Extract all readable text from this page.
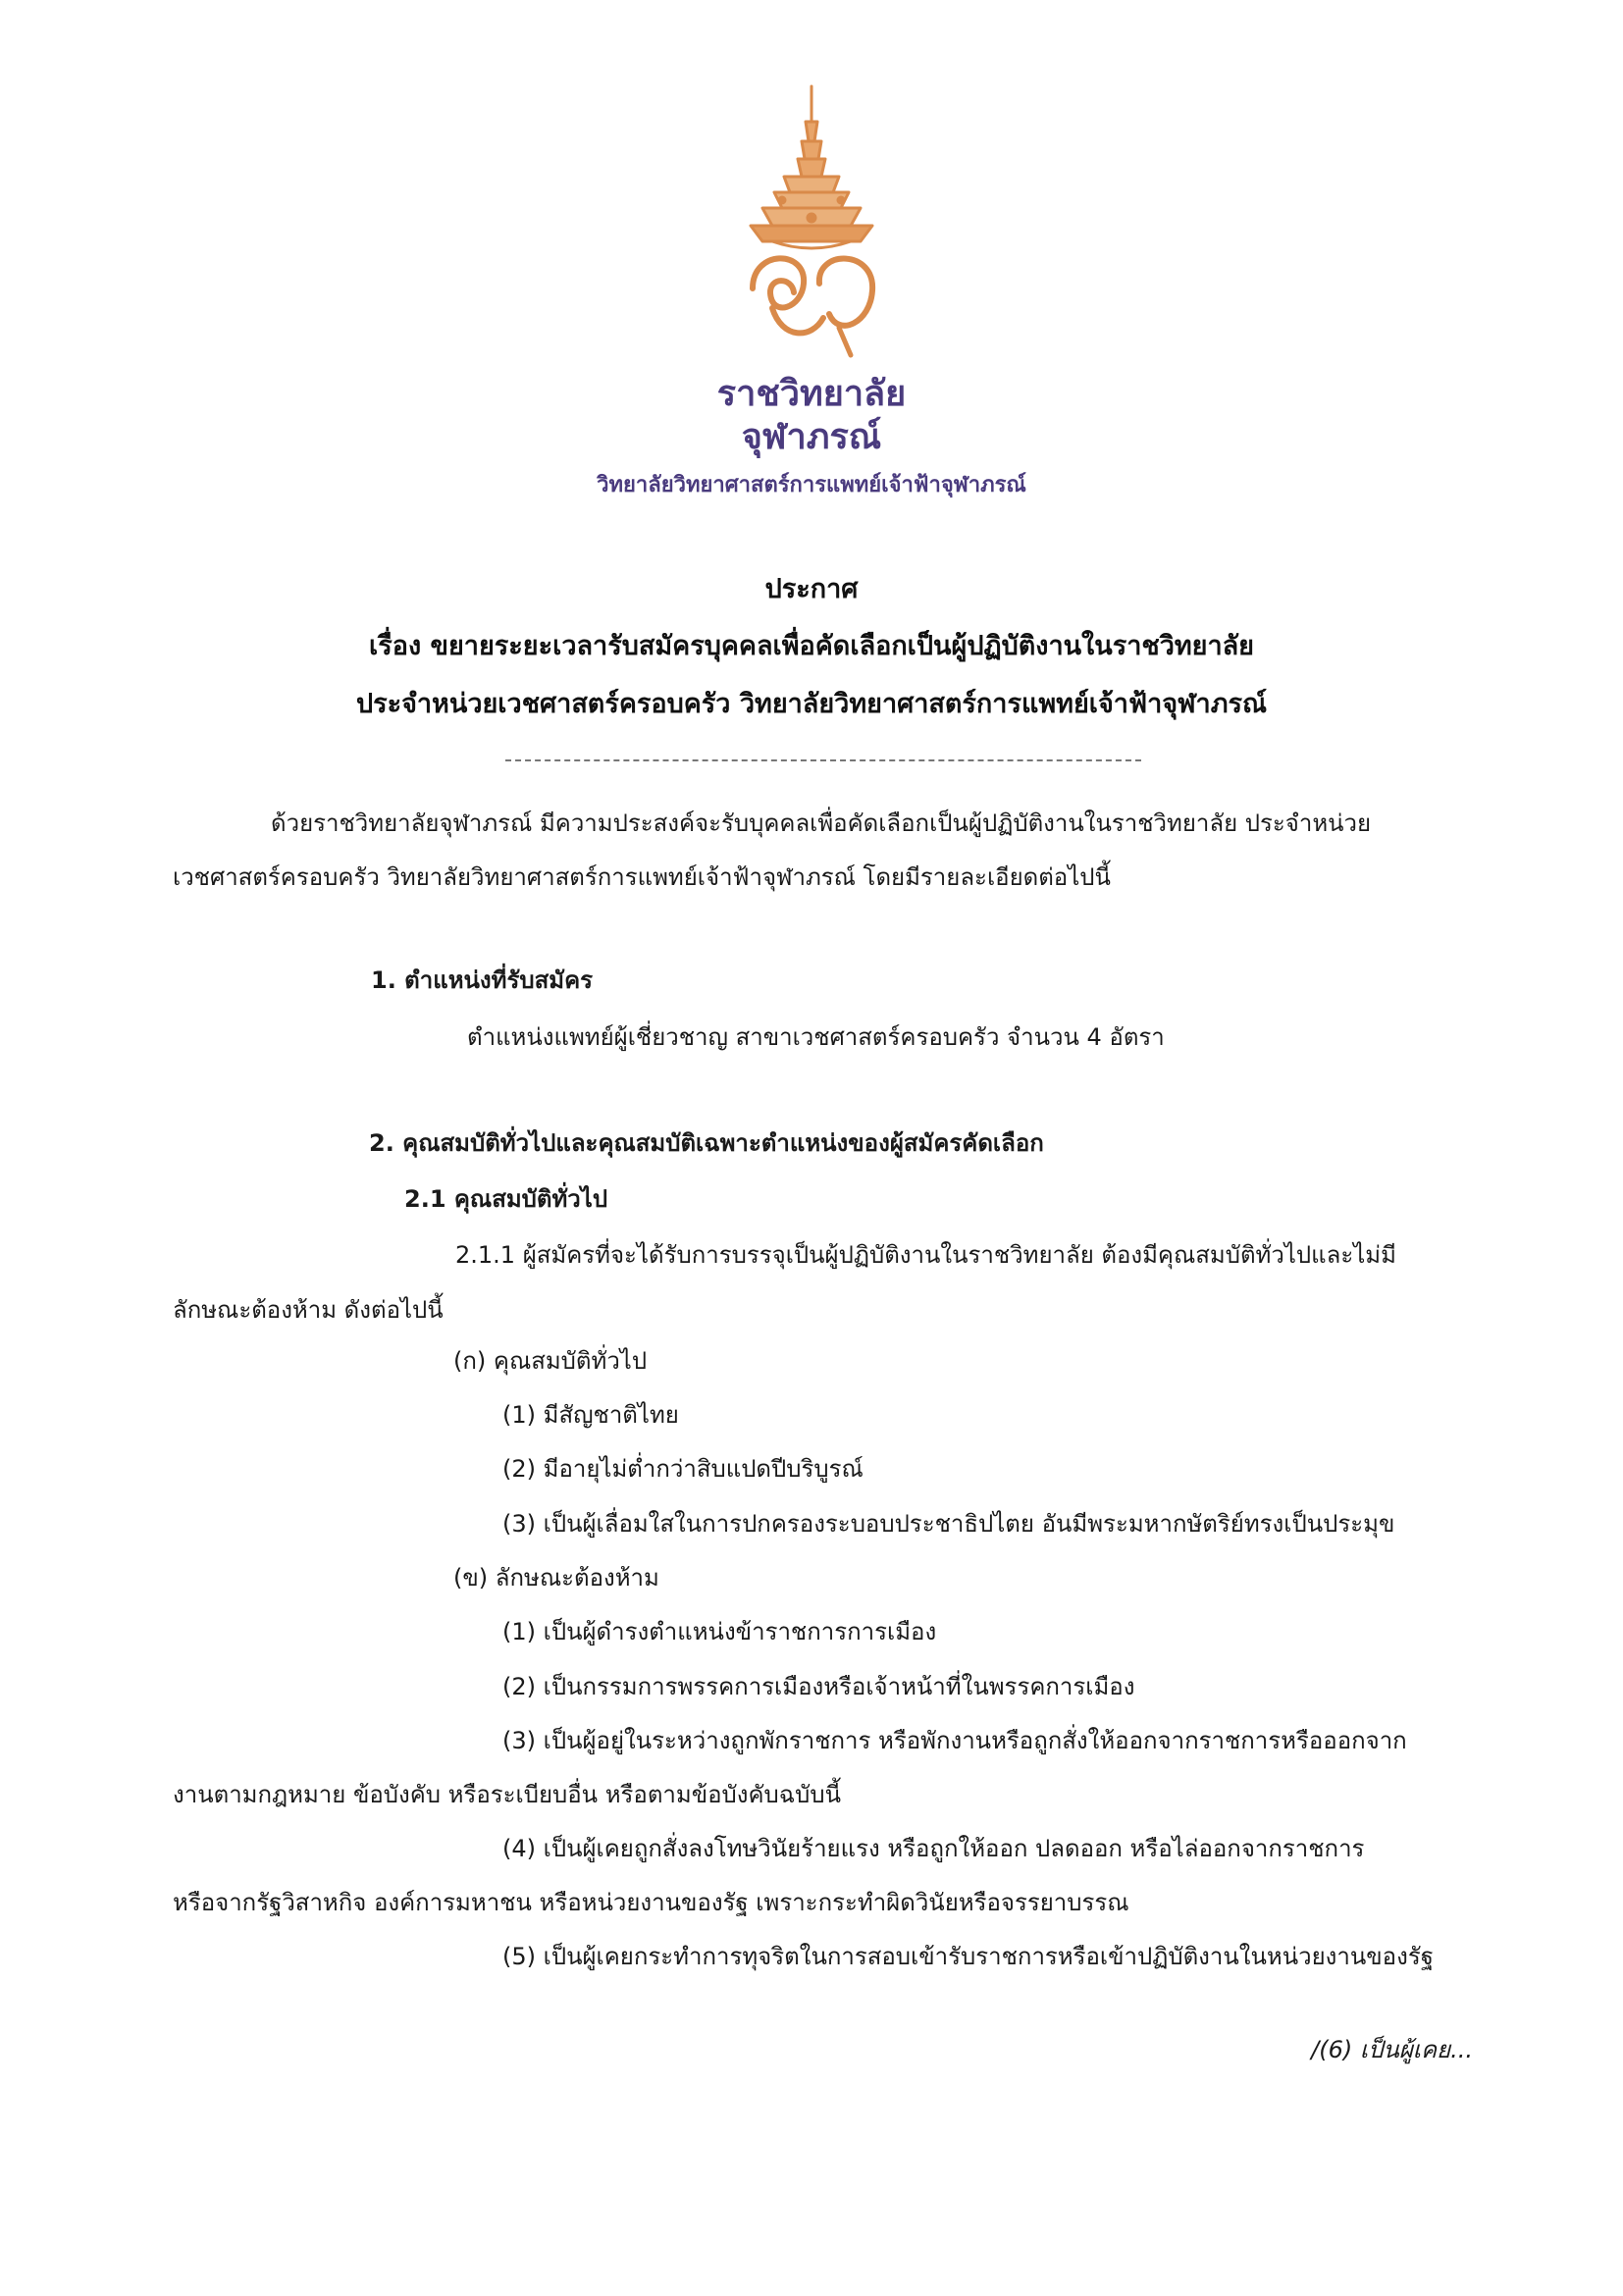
ราชวิทยาลัย
จุฬาภรณ์
วิทยาลัยวิทยาศาสตร์การแพทย์เจ้าฟ้าจุฬาภรณ์
ประกาศ
เรื่อง ขยายระยะเวลารับสมัครบุคคลเพื่อคัดเลือกเป็นผู้ปฏิบัติงานในราชวิทยาลัย
ประจำหน่วยเวชศาสตร์ครอบครัว วิทยาลัยวิทยาศาสตร์การแพทย์เจ้าฟ้าจุฬาภรณ์
ด้วยราชวิทยาลัยจุฬาภรณ์ มีความประสงค์จะรับบุคคลเพื่อคัดเลือกเป็นผู้ปฏิบัติงานในราชวิทยาลัย ประจำหน่วย
เวชศาสตร์ครอบครัว วิทยาลัยวิทยาศาสตร์การแพทย์เจ้าฟ้าจุฬาภรณ์ โดยมีรายละเอียดต่อไปนี้
1. ตำแหน่งที่รับสมัคร
ตำแหน่งแพทย์ผู้เชี่ยวชาญ สาขาเวชศาสตร์ครอบครัว จำนวน 4 อัตรา
2. คุณสมบัติทั่วไปและคุณสมบัติเฉพาะตำแหน่งของผู้สมัครคัดเลือก
2.1 คุณสมบัติทั่วไป
2.1.1 ผู้สมัครที่จะได้รับการบรรจุเป็นผู้ปฏิบัติงานในราชวิทยาลัย ต้องมีคุณสมบัติทั่วไปและไม่มี
ลักษณะต้องห้าม ดังต่อไปนี้
(ก) คุณสมบัติทั่วไป
(1) มีสัญชาติไทย
(2) มีอายุไม่ต่ำกว่าสิบแปดปีบริบูรณ์
(3) เป็นผู้เลื่อมใสในการปกครองระบอบประชาธิปไตย อันมีพระมหากษัตริย์ทรงเป็นประมุข
(ข) ลักษณะต้องห้าม
(1) เป็นผู้ดำรงตำแหน่งข้าราชการการเมือง
(2) เป็นกรรมการพรรคการเมืองหรือเจ้าหน้าที่ในพรรคการเมือง
(3) เป็นผู้อยู่ในระหว่างถูกพักราชการ หรือพักงานหรือถูกสั่งให้ออกจากราชการหรือออกจาก
งานตามกฎหมาย ข้อบังคับ หรือระเบียบอื่น หรือตามข้อบังคับฉบับนี้
(4) เป็นผู้เคยถูกสั่งลงโทษวินัยร้ายแรง หรือถูกให้ออก ปลดออก หรือไล่ออกจากราชการ
หรือจากรัฐวิสาหกิจ องค์การมหาชน หรือหน่วยงานของรัฐ เพราะกระทำผิดวินัยหรือจรรยาบรรณ
(5) เป็นผู้เคยกระทำการทุจริตในการสอบเข้ารับราชการหรือเข้าปฏิบัติงานในหน่วยงานของรัฐ
/(6) เป็นผู้เคย...
